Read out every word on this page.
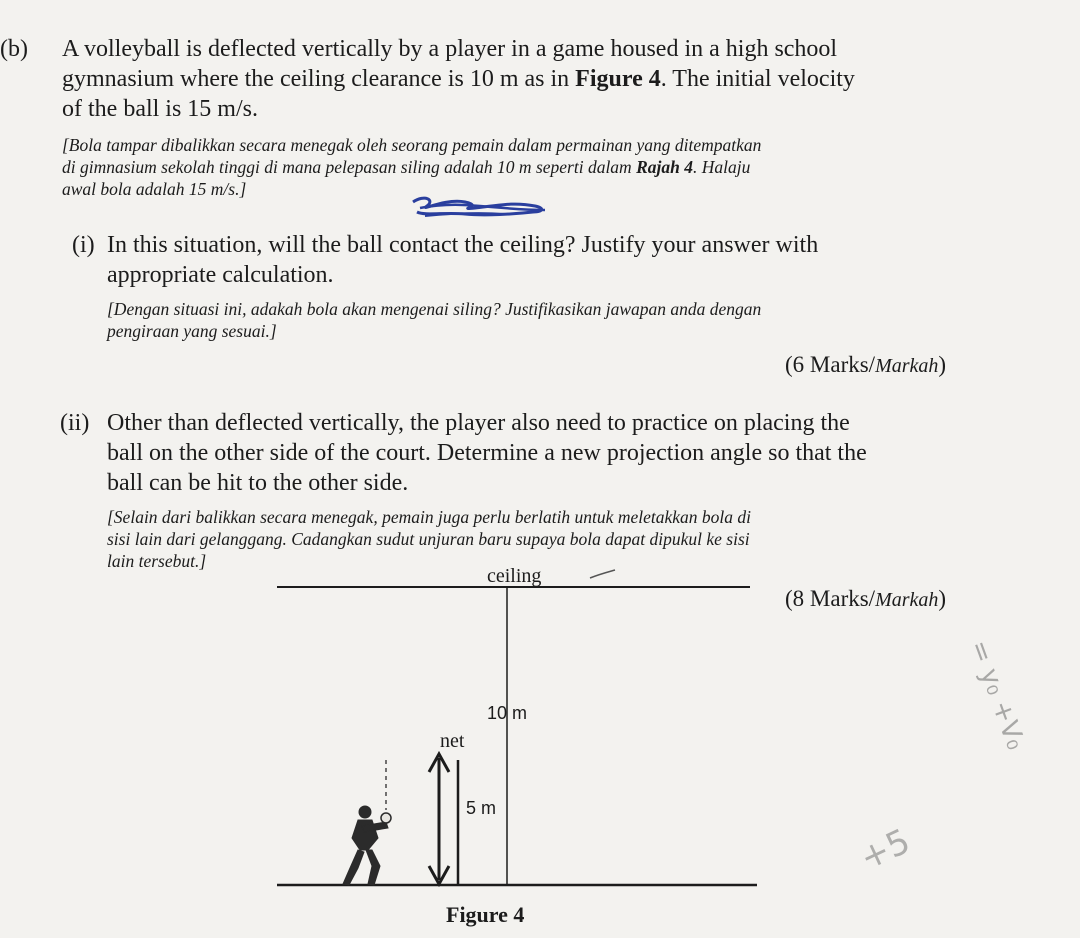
(b) A volleyball is deflected vertically by a player in a game housed in a high school
gymnasium where the ceiling clearance is 10 m as in Figure 4. The initial velocity
of the ball is 15 m/s.
[Bola tampar dibalikkan secara menegak oleh seorang pemain dalam permainan yang ditempatkan
di gimnasium sekolah tinggi di mana pelepasan siling adalah 10 m seperti dalam Rajah 4. Halaju
awal bola adalah 15 m/s.]
(i) In this situation, will the ball contact the ceiling? Justify your answer with
appropriate calculation.
[Dengan situasi ini, adakah bola akan mengenai siling? Justifikasikan jawapan anda dengan
pengiraan yang sesuai.]
(6 Marks/Markah)
(ii) Other than deflected vertically, the player also need to practice on placing the
ball on the other side of the court. Determine a new projection angle so that the
ball can be hit to the other side.
[Selain dari balikkan secara menegak, pemain juga perlu berlatih untuk meletakkan bola di
sisi lain dari gelanggang. Cadangkan sudut unjuran baru supaya bola dapat dipukul ke sisi
lain tersebut.]
(8 Marks/Markah)
ceiling
10 m
net
5 m
Figure 4
= y₀ +V₀
+5
